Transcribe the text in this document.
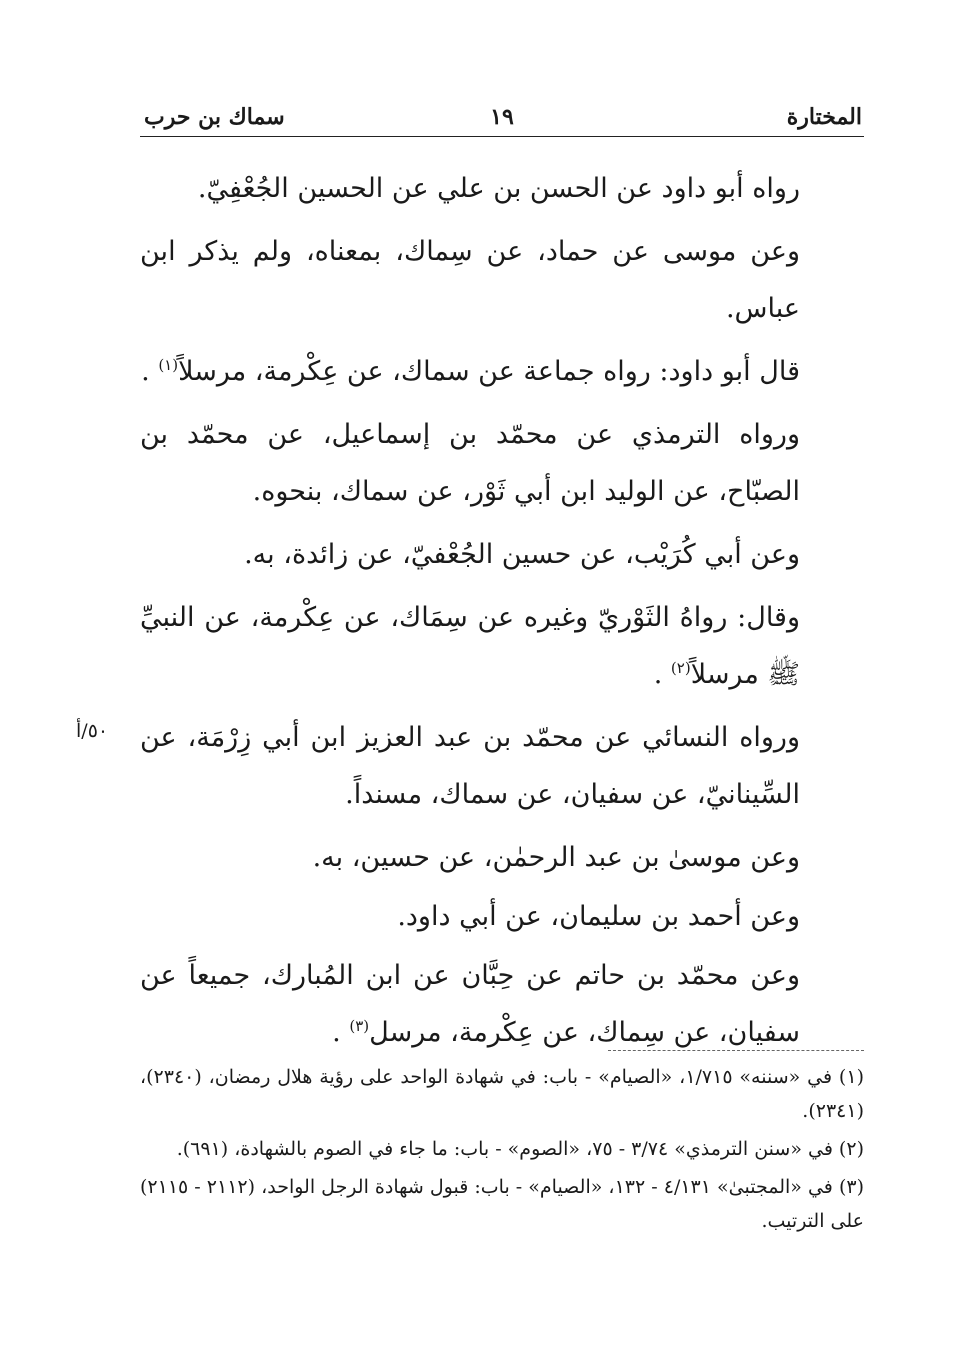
المختارة
١٩
سماك بن حرب
٥٠/أ

رواه أبو داود عن الحسن بن علي عن الحسين الجُعْفِيّ.

وعن موسى عن حماد، عن سِماك، بمعناه، ولم يذكر ابن عباس.

قال أبو داود: رواه جماعة عن سماك، عن عِكْرمة، مرسلاً$^{(١)}$ .

ورواه الترمذي عن محمّد بن إسماعيل، عن محمّد بن الصبّاح، عن الوليد ابن أبي ثَوْر، عن سماك، بنحوه.

وعن أبي كُرَيْب، عن حسين الجُعْفيّ، عن زائدة، به.

وقال: رواهُ الثَوْريّ وغيره عن سِمَاك، عن عِكْرمة، عن النبيِّ ﷺ مرسلاً$^{(٢)}$ .

ورواه النسائي عن محمّد بن عبد العزيز ابن أبي زِرْمَة، عن السِّينانيّ، عن سفيان، عن سماك، مسنداً.

وعن موسىٰ بن عبد الرحمٰن، عن حسين، به.

وعن أحمد بن سليمان، عن أبي داود.

وعن محمّد بن حاتم عن حِبَّان عن ابن المُبارك، جميعاً عن سفيان، عن سِماك، عن عِكْرمة، مرسل$^{(٣)}$ .

(١) في «سننه» ١/٧١٥، «الصيام» - باب: في شهادة الواحد على رؤية هلال رمضان، (٢٣٤٠)، (٢٣٤١).
(٢) في «سنن الترمذي» ٣/٧٤ - ٧٥، «الصوم» - باب: ما جاء في الصوم بالشهادة، (٦٩١).
(٣) في «المجتبىٰ» ٤/١٣١ - ١٣٢، «الصيام» - باب: قبول شهادة الرجل الواحد، (٢١١٢ - ٢١١٥) على الترتيب.
